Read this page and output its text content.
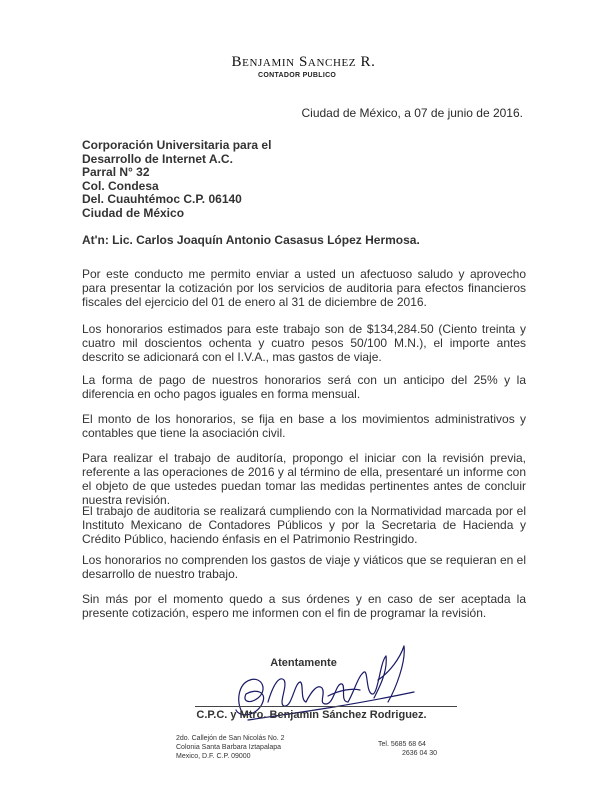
Benjamin Sanchez R.
CONTADOR PUBLICO
Ciudad de México, a 07 de junio de 2016.
Corporación Universitaria para el
Desarrollo de Internet A.C.
Parral N° 32
Col. Condesa
Del. Cuauhtémoc C.P. 06140
Ciudad de México
At'n: Lic. Carlos Joaquín Antonio Casasus López Hermosa.
Por este conducto me permito enviar a usted un afectuoso saludo y aprovecho para presentar la cotización por los servicios de auditoria para efectos financieros fiscales del ejercicio del 01 de enero al 31 de diciembre de 2016.
Los honorarios estimados para este trabajo son de $134,284.50 (Ciento treinta y cuatro mil doscientos ochenta y cuatro pesos 50/100 M.N.), el importe antes descrito se adicionará con el I.V.A., mas gastos de viaje.
La forma de pago de nuestros honorarios será con un anticipo del 25% y la diferencia en ocho pagos iguales en forma mensual.
El monto de los honorarios, se fija en base a los movimientos administrativos y contables que tiene la asociación civil.
Para realizar el trabajo de auditoría, propongo el iniciar con la revisión previa, referente a las operaciones de 2016 y al término de ella, presentaré un informe con el objeto de que ustedes puedan tomar las medidas pertinentes antes de concluir nuestra revisión.
El trabajo de auditoria se realizará cumpliendo con la Normatividad marcada por el Instituto Mexicano de Contadores Públicos y por la Secretaria de Hacienda y Crédito Público, haciendo énfasis en el Patrimonio Restringido.
Los honorarios no comprenden los gastos de viaje y viáticos que se requieran en el desarrollo de nuestro trabajo.
Sin más por el momento quedo a sus órdenes y en caso de ser aceptada la presente cotización, espero me informen con el fin de programar la revisión.
Atentamente
C.P.C. y Mtro. Benjamín Sánchez Rodriguez.
2do. Callejón de San Nicolás No. 2
Colonia Santa Barbara Iztapalapa
Mexico, D.F. C.P. 09000
Tel. 5685 68 64
2636 04 30
